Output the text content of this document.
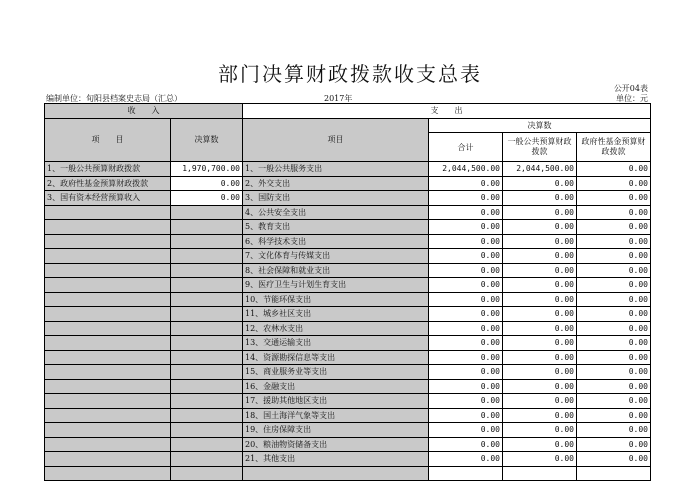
部门决算财政拨款收支总表
公开04表
单位：元
编制单位：旬阳县档案史志局（汇总）	2017年
收　　入		支　　出			
项　　目	决算数	项目	决算数		
			合计	一般公共预算财政拨款	政府性基金预算财政拨款
1、一般公共预算财政拨款	1,970,700.00	1、一般公共服务支出	2,044,500.00	2,044,500.00	0.00
2、政府性基金预算财政拨款	0.00	2、外交支出	0.00	0.00	0.00
3、国有资本经营预算收入	0.00	3、国防支出	0.00	0.00	0.00
		4、公共安全支出	0.00	0.00	0.00
		5、教育支出	0.00	0.00	0.00
		6、科学技术支出	0.00	0.00	0.00
		7、文化体育与传媒支出	0.00	0.00	0.00
		8、社会保障和就业支出	0.00	0.00	0.00
		9、医疗卫生与计划生育支出	0.00	0.00	0.00
		10、节能环保支出	0.00	0.00	0.00
		11、城乡社区支出	0.00	0.00	0.00
		12、农林水支出	0.00	0.00	0.00
		13、交通运输支出	0.00	0.00	0.00
		14、资源勘探信息等支出	0.00	0.00	0.00
		15、商业服务业等支出	0.00	0.00	0.00
		16、金融支出	0.00	0.00	0.00
		17、援助其他地区支出	0.00	0.00	0.00
		18、国土海洋气象等支出	0.00	0.00	0.00
		19、住房保障支出	0.00	0.00	0.00
		20、粮油物资储备支出	0.00	0.00	0.00
		21、其他支出	0.00	0.00	0.00
